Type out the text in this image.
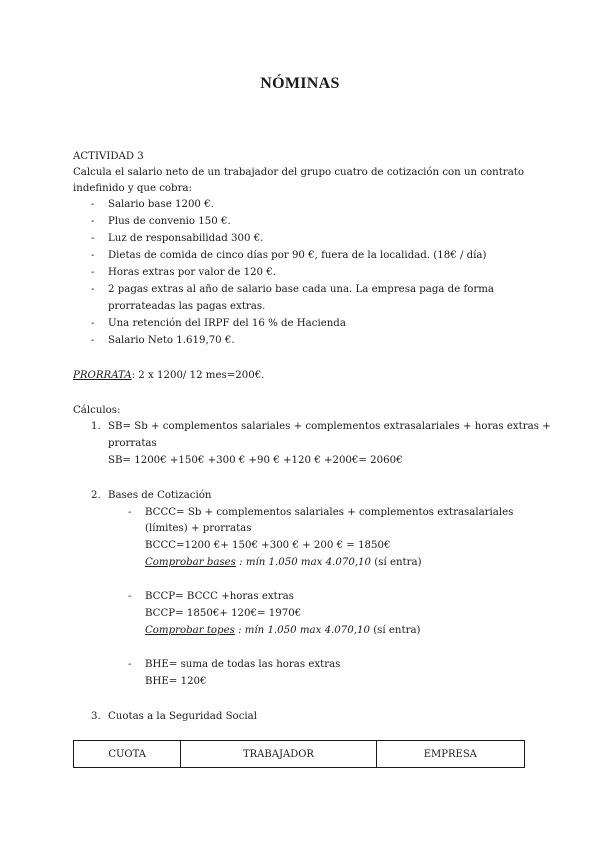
NÓMINAS
ACTIVIDAD 3
Calcula el salario neto de un trabajador del grupo cuatro de cotización con un contrato
indefinido y que cobra:
- Salario base 1200 €.
- Plus de convenio 150 €.
- Luz de responsabilidad 300 €.
- Dietas de comida de cinco días por 90 €, fuera de la localidad. (18€ / día)
- Horas extras por valor de 120 €.
- 2 pagas extras al año de salario base cada una. La empresa paga de forma
prorrateadas las pagas extras.
- Una retención del IRPF del 16 % de Hacienda
- Salario Neto 1.619,70 €.
PRORRATA: 2 x 1200/ 12 mes=200€.
Cálculos:
1. SB= Sb + complementos salariales + complementos extrasalariales + horas extras +
prorratas
SB= 1200€ +150€ +300 € +90 € +120 € +200€= 2060€
2. Bases de Cotización
- BCCC= Sb + complementos salariales + complementos extrasalariales
(límites) + prorratas
BCCC=1200 €+ 150€ +300 € + 200 € = 1850€
Comprobar bases : mín 1.050 max 4.070,10 (sí entra)
- BCCP= BCCC +horas extras
BCCP= 1850€+ 120€= 1970€
Comprobar topes : mín 1.050 max 4.070,10 (sí entra)
- BHE= suma de todas las horas extras
BHE= 120€
3. Cuotas a la Seguridad Social
CUOTA	TRABAJADOR	EMPRESA
